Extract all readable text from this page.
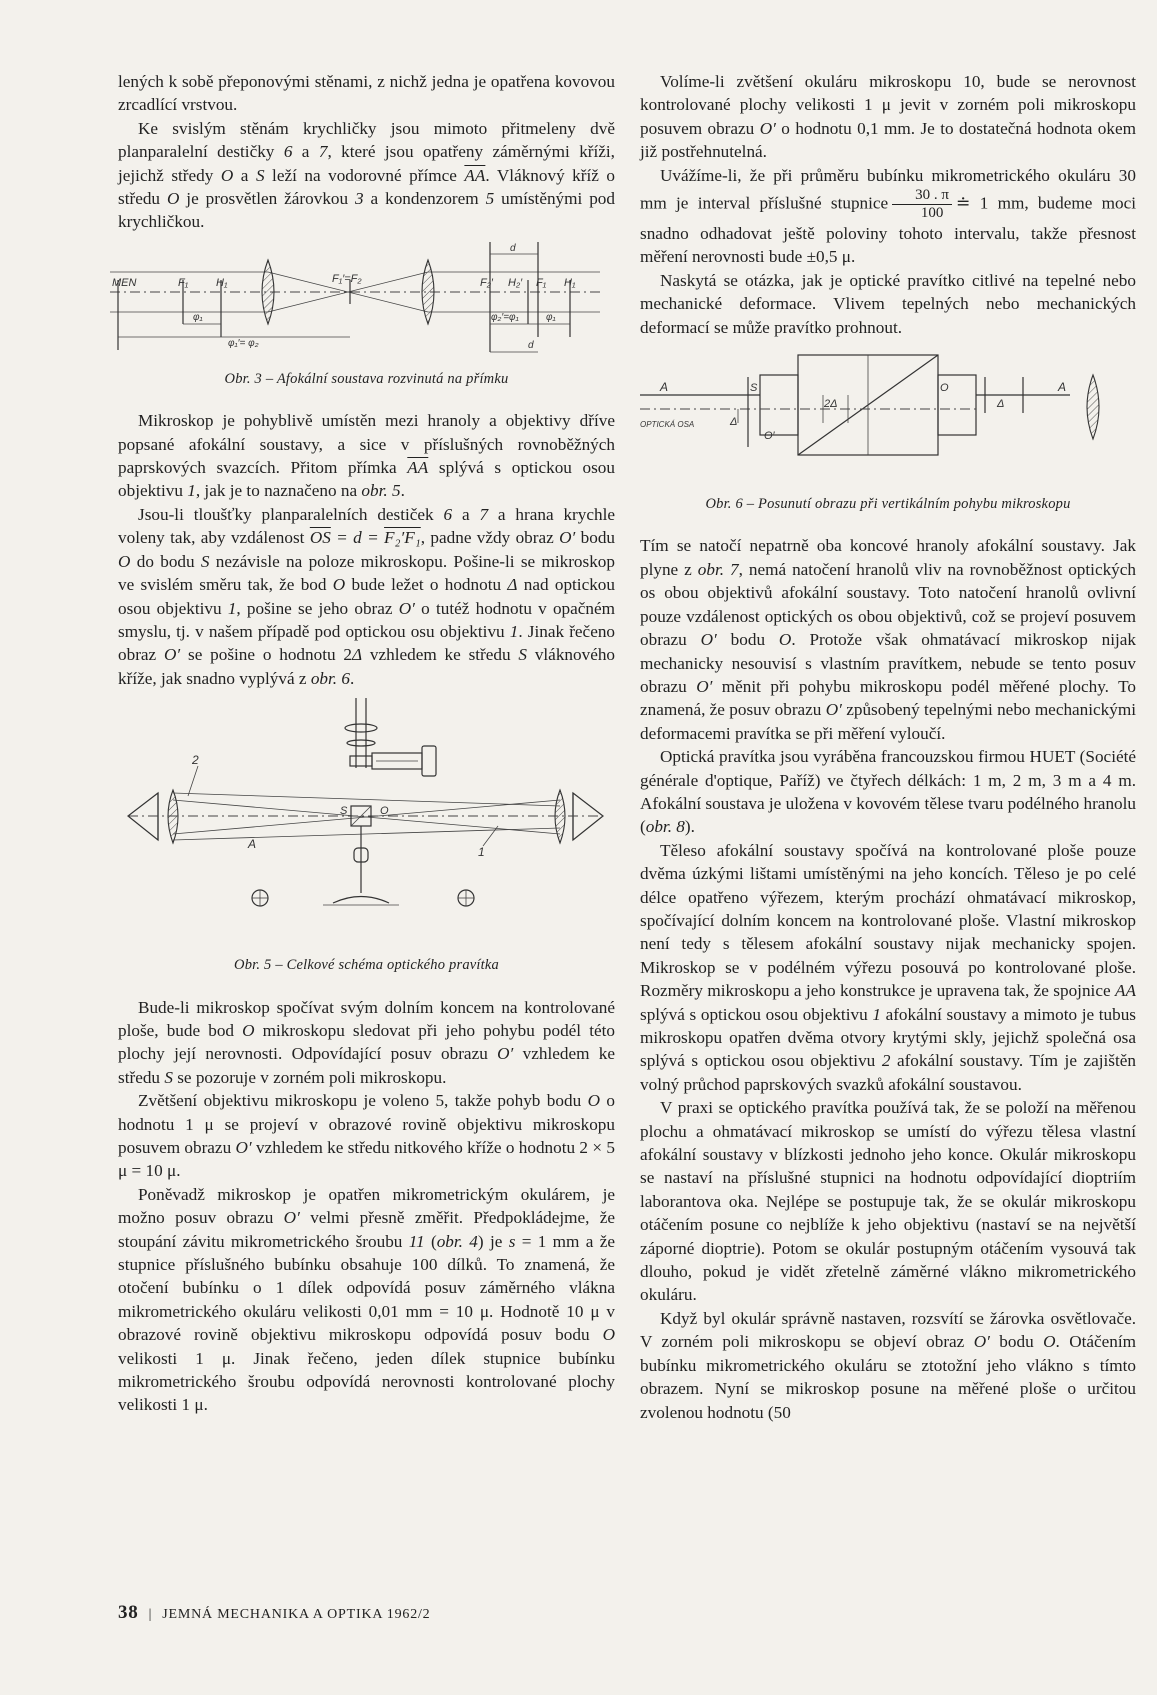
lených k sobě přeponovými stěnami, z nichž jedna je opatřena kovovou zrcadlící vrstvou.

Ke svislým stěnám krychličky jsou mimoto přitmeleny dvě planparalelní destičky 6 a 7, které jsou opatřeny záměrnými kříži, jejichž středy O a S leží na vodorovné přímce $\overline{AA}$. Vláknový kříž o středu O je prosvětlen žárovkou 3 a kondenzorem 5 umístěnými pod krychličkou.

MEN	F₁	H₁	F₁′=F₂	F₂′ H₂′ F₁ H₁
φ₁
φ₁′= φ₂
φ₂′=φ₁	φ₁
d
d
Obr. 3 – Afokální soustava rozvinutá na přímku

Mikroskop je pohyblivě umístěn mezi hranoly a objektivy dříve popsané afokální soustavy, a sice v příslušných rovnoběžných paprskových svazcích. Přitom přímka $\overline{AA}$ splývá s optickou osou objektivu 1, jak je to naznačeno na obr. 5.

Jsou-li tloušťky planparalelních destiček 6 a 7 a hrana krychle voleny tak, aby vzdálenost $\overline{OS} = d = F_2'F_1$, padne vždy obraz O′ bodu O do bodu S nezávisle na poloze mikroskopu. Pošine-li se mikroskop ve svislém směru tak, že bod O bude ležet o hodnotu Δ nad optickou osou objektivu 1, pošine se jeho obraz O′ o tutéž hodnotu v opačném smyslu, tj. v našem případě pod optickou osu objektivu 1. Jinak řečeno obraz O′ se pošine o hodnotu 2Δ vzhledem ke středu S vláknového kříže, jak snadno vyplývá z obr. 6.

2
A
S	O
1
Obr. 5 – Celkové schéma optického pravítka

Bude-li mikroskop spočívat svým dolním koncem na kontrolované ploše, bude bod O mikroskopu sledovat při jeho pohybu podél této plochy její nerovnosti. Odpovídající posuv obrazu O′ vzhledem ke středu S se pozoruje v zorném poli mikroskopu.

Zvětšení objektivu mikroskopu je voleno 5, takže pohyb bodu O o hodnotu 1 μ se projeví v obrazové rovině objektivu mikroskopu posuvem obrazu O′ vzhledem ke středu nitkového kříže o hodnotu 2 × 5 μ = 10 μ.

Poněvadž mikroskop je opatřen mikrometrickým okulárem, je možno posuv obrazu O′ velmi přesně změřit. Předpokládejme, že stoupání závitu mikrometrického šroubu 11 (obr. 4) je s = 1 mm a že stupnice příslušného bubínku obsahuje 100 dílků. To znamená, že otočení bubínku o 1 dílek odpovídá posuv záměrného vlákna mikrometrického okuláru velikosti 0,01 mm = 10 μ. Hodnotě 10 μ v obrazové rovině objektivu mikroskopu odpovídá posuv bodu O velikosti 1 μ. Jinak řečeno, jeden dílek stupnice bubínku mikrometrického šroubu odpovídá nerovnosti kontrolované plochy velikosti 1 μ.

Volíme-li zvětšení okuláru mikroskopu 10, bude se nerovnost kontrolované plochy velikosti 1 μ jevit v zorném poli mikroskopu posuvem obrazu O′ o hodnotu 0,1 mm. Je to dostatečná hodnota okem již postřehnutelná.

Uvážíme-li, že při průměru bubínku mikrometrického okuláru 30 mm je interval příslušné stupnice $\frac{30 . \pi}{100}$ ≐ 1 mm, budeme moci snadno odhadovat ještě poloviny tohoto intervalu, takže přesnost měření nerovnosti bude ±0,5 μ.

Naskytá se otázka, jak je optické pravítko citlivé na tepelné nebo mechanické deformace. Vlivem tepelných nebo mechanických deformací se může pravítko prohnout.

A	S
OPTICKÁ OSA	Δ
O′
2Δ
O
Δ
A
Obr. 6 – Posunutí obrazu při vertikálním pohybu mikroskopu

Tím se natočí nepatrně oba koncové hranoly afokální soustavy. Jak plyne z obr. 7, nemá natočení hranolů vliv na rovnoběžnost optických os obou objektivů afokální soustavy. Toto natočení hranolů ovlivní pouze vzdálenost optických os obou objektivů, což se projeví posuvem obrazu O′ bodu O. Protože však ohmatávací mikroskop nijak mechanicky nesouvisí s vlastním pravítkem, nebude se tento posuv obrazu O′ měnit při pohybu mikroskopu podél měřené plochy. To znamená, že posuv obrazu O′ způsobený tepelnými nebo mechanickými deformacemi pravítka se při měření vyloučí.

Optická pravítka jsou vyráběna francouzskou firmou HUET (Société générale d'optique, Paříž) ve čtyřech délkách: 1 m, 2 m, 3 m a 4 m. Afokální soustava je uložena v kovovém tělese tvaru podélného hranolu (obr. 8).

Těleso afokální soustavy spočívá na kontrolované ploše pouze dvěma úzkými lištami umístěnými na jeho koncích. Těleso je po celé délce opatřeno výřezem, kterým prochází ohmatávací mikroskop, spočívající dolním koncem na kontrolované ploše. Vlastní mikroskop není tedy s tělesem afokální soustavy nijak mechanicky spojen. Mikroskop se v podélném výřezu posouvá po kontrolované ploše. Rozměry mikroskopu a jeho konstrukce je upravena tak, že spojnice AA splývá s optickou osou objektivu 1 afokální soustavy a mimoto je tubus mikroskopu opatřen dvěma otvory krytými skly, jejichž společná osa splývá s optickou osou objektivu 2 afokální soustavy. Tím je zajištěn volný průchod paprskových svazků afokální soustavou.

V praxi se optického pravítka používá tak, že se položí na měřenou plochu a ohmatávací mikroskop se umístí do výřezu tělesa vlastní afokální soustavy v blízkosti jednoho jeho konce. Okulár mikroskopu se nastaví na příslušné stupnici na hodnotu odpovídající dioptriím laborantova oka. Nejlépe se postupuje tak, že se okulár mikroskopu otáčením posune co nejblíže k jeho objektivu (nastaví se na největší záporné dioptrie). Potom se okulár postupným otáčením vysouvá tak dlouho, pokud je vidět zřetelně záměrné vlákno mikrometrického okuláru.

Když byl okulár správně nastaven, rozsvítí se žárovka osvětlovače. V zorném poli mikroskopu se objeví obraz O′ bodu O. Otáčením bubínku mikrometrického okuláru se ztotožní jeho vlákno s tímto obrazem. Nyní se mikroskop posune na měřené ploše o určitou zvolenou hodnotu (50

38 | JEMNÁ MECHANIKA A OPTIKA 1962/2
